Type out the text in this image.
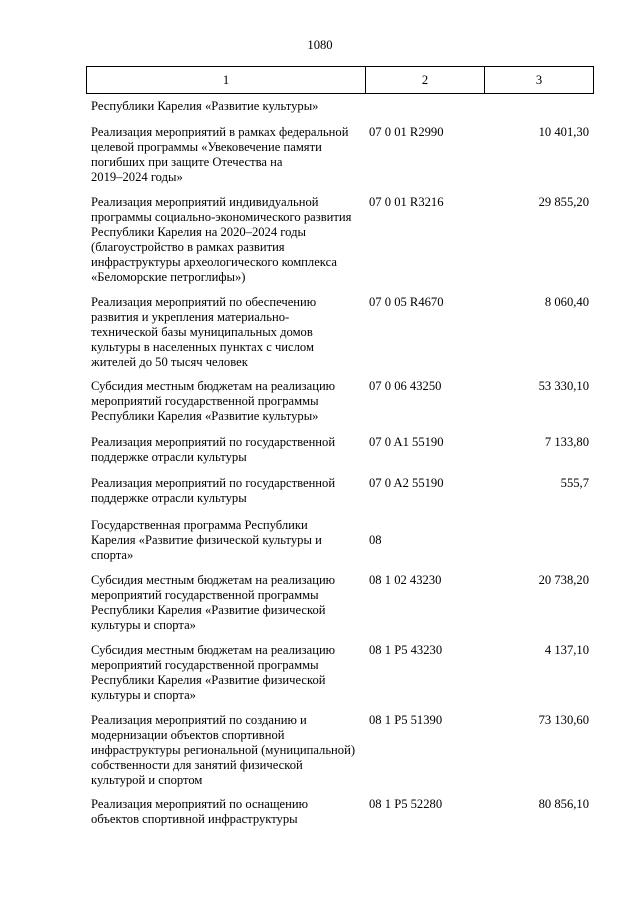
1080
1	2	3
Республики Карелия «Развитие культуры»
Реализация мероприятий в рамках федеральной
целевой программы «Увековечение памяти
погибших при защите Отечества на
2019–2024 годы»
07 0 01 R2990	10 401,30
Реализация мероприятий индивидуальной
программы социально-экономического развития
Республики Карелия на 2020–2024 годы
(благоустройство в рамках развития
инфраструктуры археологического комплекса
«Беломорские петроглифы»)
07 0 01 R3216	29 855,20
Реализация мероприятий по обеспечению
развития и укрепления материально-
технической базы муниципальных домов
культуры в населенных пунктах с числом
жителей до 50 тысяч человек
07 0 05 R4670	8 060,40
Субсидия местным бюджетам на реализацию
мероприятий государственной программы
Республики Карелия «Развитие культуры»
07 0 06 43250	53 330,10
Реализация мероприятий по государственной
поддержке отрасли культуры
07 0 A1 55190	7 133,80
Реализация мероприятий по государственной
поддержке отрасли культуры
07 0 A2 55190	555,7
Государственная программа Республики
Карелия «Развитие физической культуры и
спорта»
08
Субсидия местным бюджетам на реализацию
мероприятий государственной программы
Республики Карелия «Развитие физической
культуры и спорта»
08 1 02 43230	20 738,20
Субсидия местным бюджетам на реализацию
мероприятий государственной программы
Республики Карелия «Развитие физической
культуры и спорта»
08 1 P5 43230	4 137,10
Реализация мероприятий по созданию и
модернизации объектов спортивной
инфраструктуры региональной (муниципальной)
собственности для занятий физической
культурой и спортом
08 1 P5 51390	73 130,60
Реализация мероприятий по оснащению
объектов спортивной инфраструктуры
08 1 P5 52280	80 856,10
